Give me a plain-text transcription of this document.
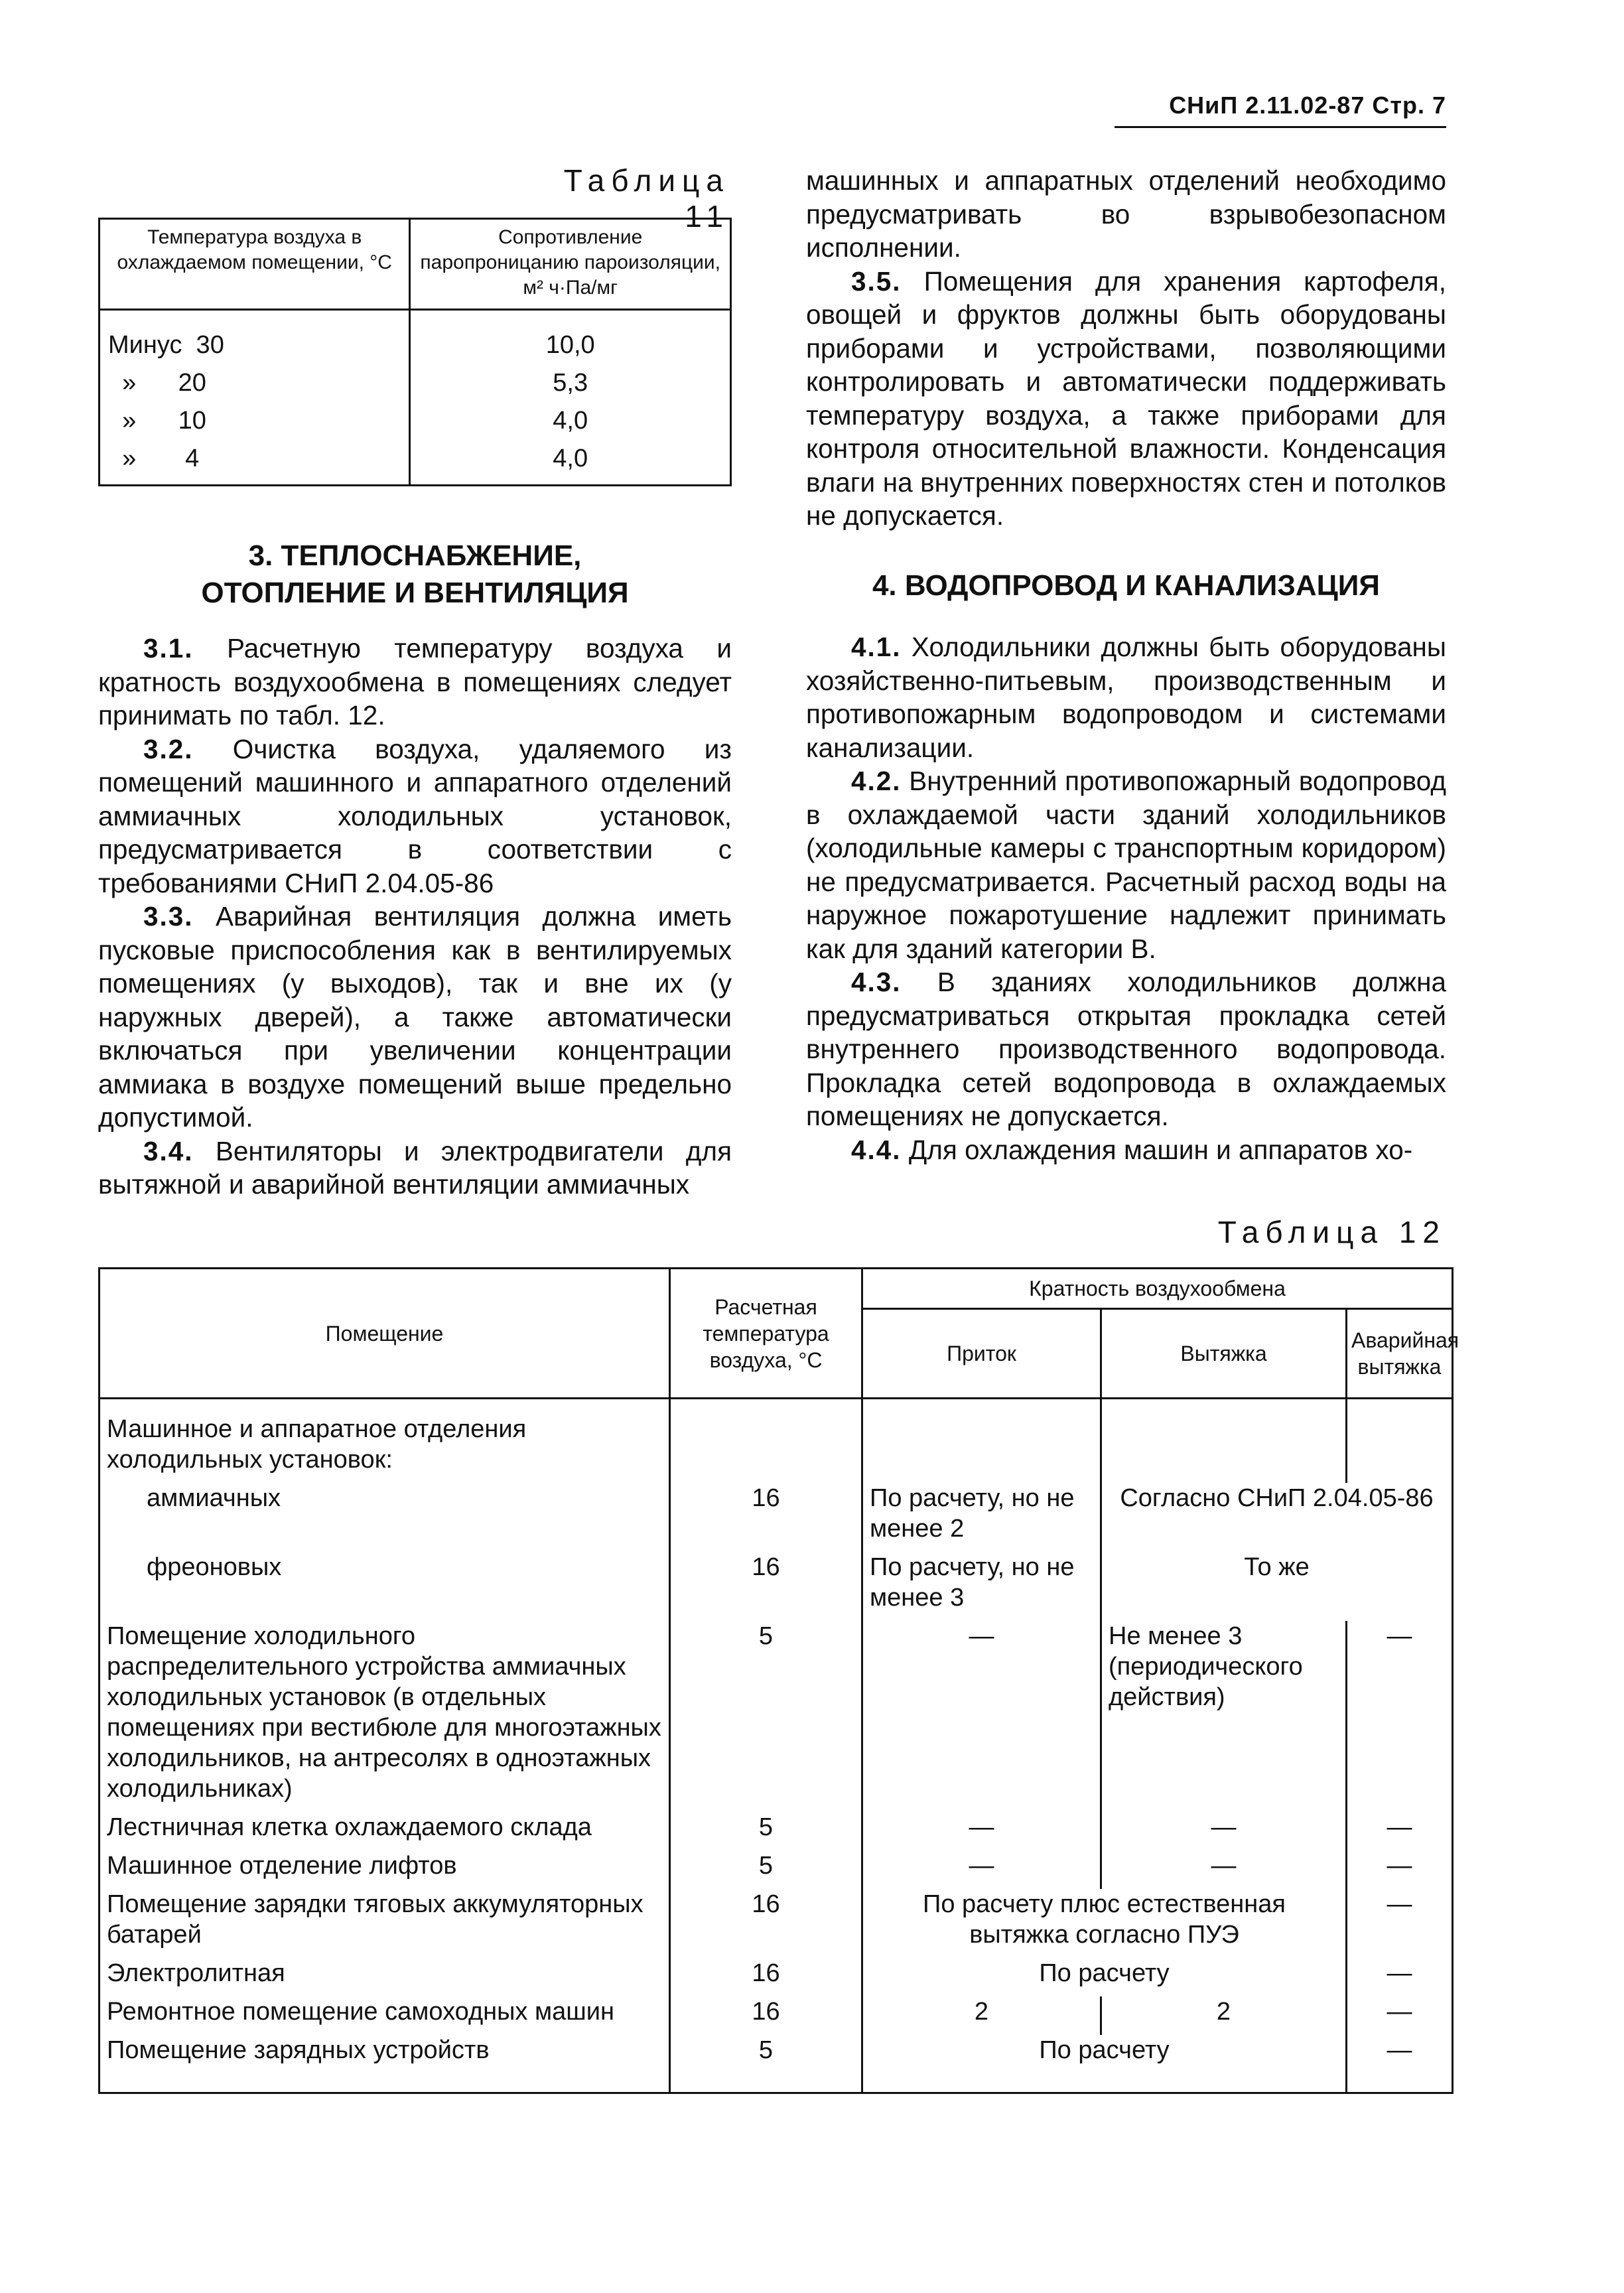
СНиП 2.11.02-87 Стр. 7
Таблица 11
Температура воздуха в охлаждаемом помещении, °С	Сопротивление паропроницанию пароизоляции, м² ч·Па/мг
Минус  30	10,0
»      20	5,3
»      10	4,0
»       4	4,0
3. ТЕПЛОСНАБЖЕНИЕ,
ОТОПЛЕНИЕ И ВЕНТИЛЯЦИЯ

3.1. Расчетную температуру воздуха и кратность воздухообмена в помещениях следует принимать по табл. 12.

3.2. Очистка воздуха, удаляемого из помещений машинного и аппаратного отделений аммиачных холодильных установок, предусматривается в соответствии с требованиями СНиП 2.04.05-86

3.3. Аварийная вентиляция должна иметь пусковые приспособления как в вентилируемых помещениях (у выходов), так и вне их (у наружных дверей), а также автоматически включаться при увеличении концентрации аммиака в воздухе помещений выше предельно допустимой.

3.4. Вентиляторы и электродвигатели для вытяжной и аварийной вентиляции аммиачных

машинных и аппаратных отделений необходимо предусматривать во взрывобезопасном исполнении.

3.5. Помещения для хранения картофеля, овощей и фруктов должны быть оборудованы приборами и устройствами, позволяющими контролировать и автоматически поддерживать температуру воздуха, а также приборами для контроля относительной влажности. Конденсация влаги на внутренних поверхностях стен и потолков не допускается.

4. ВОДОПРОВОД И КАНАЛИЗАЦИЯ

4.1. Холодильники должны быть оборудованы хозяйственно-питьевым, производственным и противопожарным водопроводом и системами канализации.

4.2. Внутренний противопожарный водопровод в охлаждаемой части зданий холодильников (холодильные камеры с транспортным коридором) не предусматривается. Расчетный расход воды на наружное пожаротушение надлежит принимать как для зданий категории В.

4.3. В зданиях холодильников должна предусматриваться открытая прокладка сетей внутреннего производственного водопровода. Прокладка сетей водопровода в охлаждаемых помещениях не допускается.

4.4. Для охлаждения машин и аппаратов хо-

Таблица 12
Помещение	Расчетная температура воздуха, °С	Кратность воздухообмена		
		Приток	Вытяжка	Аварийная вытяжка
Машинное и аппаратное отделения холодильных установок:				
аммиачных	16	По расчету, но не менее 2	Согласно СНиП 2.04.05-86	
фреоновых	16	По расчету, но не менее 3	То же	
Помещение холодильного распределительного устройства аммиачных холодильных установок (в отдельных помещениях при вестибюле для многоэтажных холодильников, на антресолях в одноэтажных холодильниках)	5	—	Не менее 3 (периодического действия)	—
Лестничная клетка охлаждаемого склада	5	—	—	—
Машинное отделение лифтов	5	—	—	—
Помещение зарядки тяговых аккумуляторных батарей	16	По расчету плюс естественная вытяжка согласно ПУЭ		—
Электролитная	16	По расчету		—
Ремонтное помещение самоходных машин	16	2	2	—
Помещение зарядных устройств	5	По расчету		—
